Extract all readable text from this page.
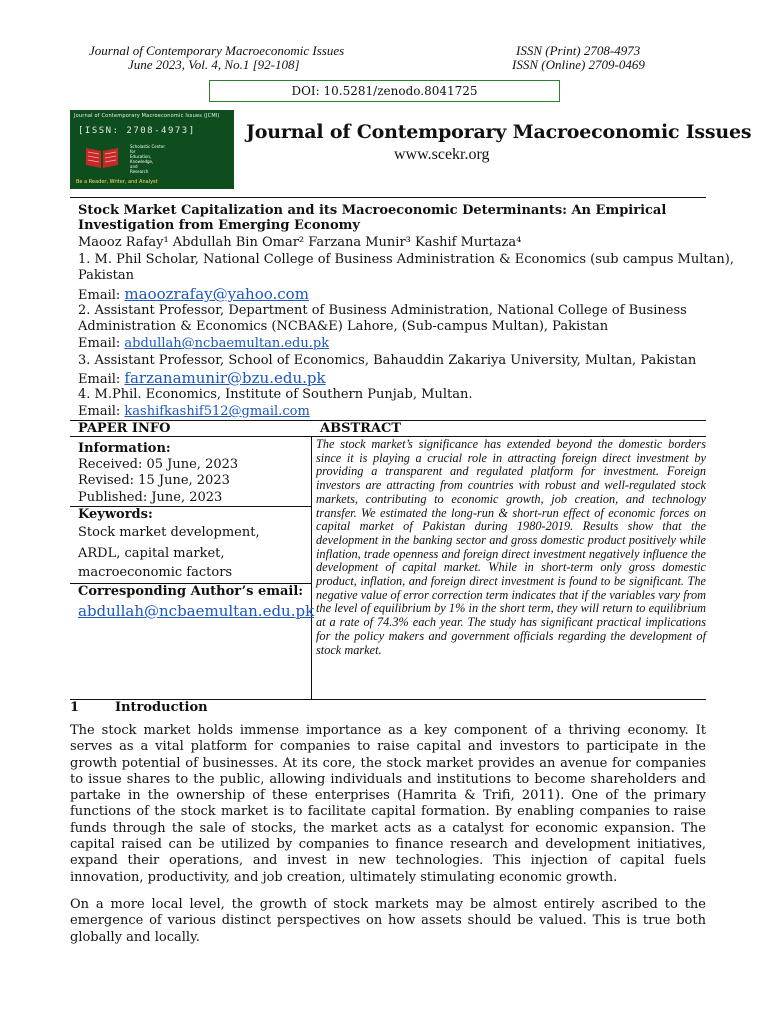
Journal of Contemporary Macroeconomic Issues
June 2023, Vol. 4, No.1 [92-108]
ISSN (Print) 2708-4973
ISSN (Online) 2709-0469
DOI: 10.5281/zenodo.8041725
Journal of Contemporary Macroeconomic Issues (JCMI)
[ISSN: 2708-4973]
Scholastic Center
for
Education,
Knowledge,
and
Research
Be a Reader, Writer, and Analyst
Journal of Contemporary Macroeconomic Issues
www.scekr.org
Stock Market Capitalization and its Macroeconomic Determinants: An Empirical Investigation from Emerging Economy
Maooz Rafay¹ Abdullah Bin Omar² Farzana Munir³ Kashif Murtaza⁴
1. M. Phil Scholar, National College of Business Administration & Economics (sub campus Multan),
Pakistan
Email: maoozrafay@yahoo.com
2. Assistant Professor, Department of Business Administration, National College of Business
Administration & Economics (NCBA&E) Lahore, (Sub-campus Multan), Pakistan
Email: abdullah@ncbaemultan.edu.pk
3. Assistant Professor, School of Economics, Bahauddin Zakariya University, Multan, Pakistan
Email: farzanamunir@bzu.edu.pk
4. M.Phil. Economics, Institute of Southern Punjab, Multan.
Email: kashifkashif512@gmail.com
PAPER INFO	ABSTRACT
Information:
Received: 05 June, 2023
Revised: 15 June, 2023
Published: June, 2023
Keywords:
Stock market development,
ARDL, capital market,
macroeconomic factors
Corresponding Author’s email:
abdullah@ncbaemultan.edu.pk
The stock market’s significance has extended beyond the domestic borders since it is playing a crucial role in attracting foreign direct investment by providing a transparent and regulated platform for investment. Foreign investors are attracting from countries with robust and well-regulated stock markets, contributing to economic growth, job creation, and technology transfer. We estimated the long-run & short-run effect of economic forces on capital market of Pakistan during 1980-2019. Results show that the development in the banking sector and gross domestic product positively while inflation, trade openness and foreign direct investment negatively influence the development of capital market. While in short-term only gross domestic product, inflation, and foreign direct investment is found to be significant. The negative value of error correction term indicates that if the variables vary from the level of equilibrium by 1% in the short term, they will return to equilibrium at a rate of 74.3% each year. The study has significant practical implications for the policy makers and government officials regarding the development of stock market.
1	Introduction
The stock market holds immense importance as a key component of a thriving economy. It serves as a vital platform for companies to raise capital and investors to participate in the growth potential of businesses. At its core, the stock market provides an avenue for companies to issue shares to the public, allowing individuals and institutions to become shareholders and partake in the ownership of these enterprises (Hamrita & Trifi, 2011). One of the primary functions of the stock market is to facilitate capital formation. By enabling companies to raise funds through the sale of stocks, the market acts as a catalyst for economic expansion. The capital raised can be utilized by companies to finance research and development initiatives, expand their operations, and invest in new technologies. This injection of capital fuels innovation, productivity, and job creation, ultimately stimulating economic growth.
On a more local level, the growth of stock markets may be almost entirely ascribed to the emergence of various distinct perspectives on how assets should be valued. This is true both globally and locally.
